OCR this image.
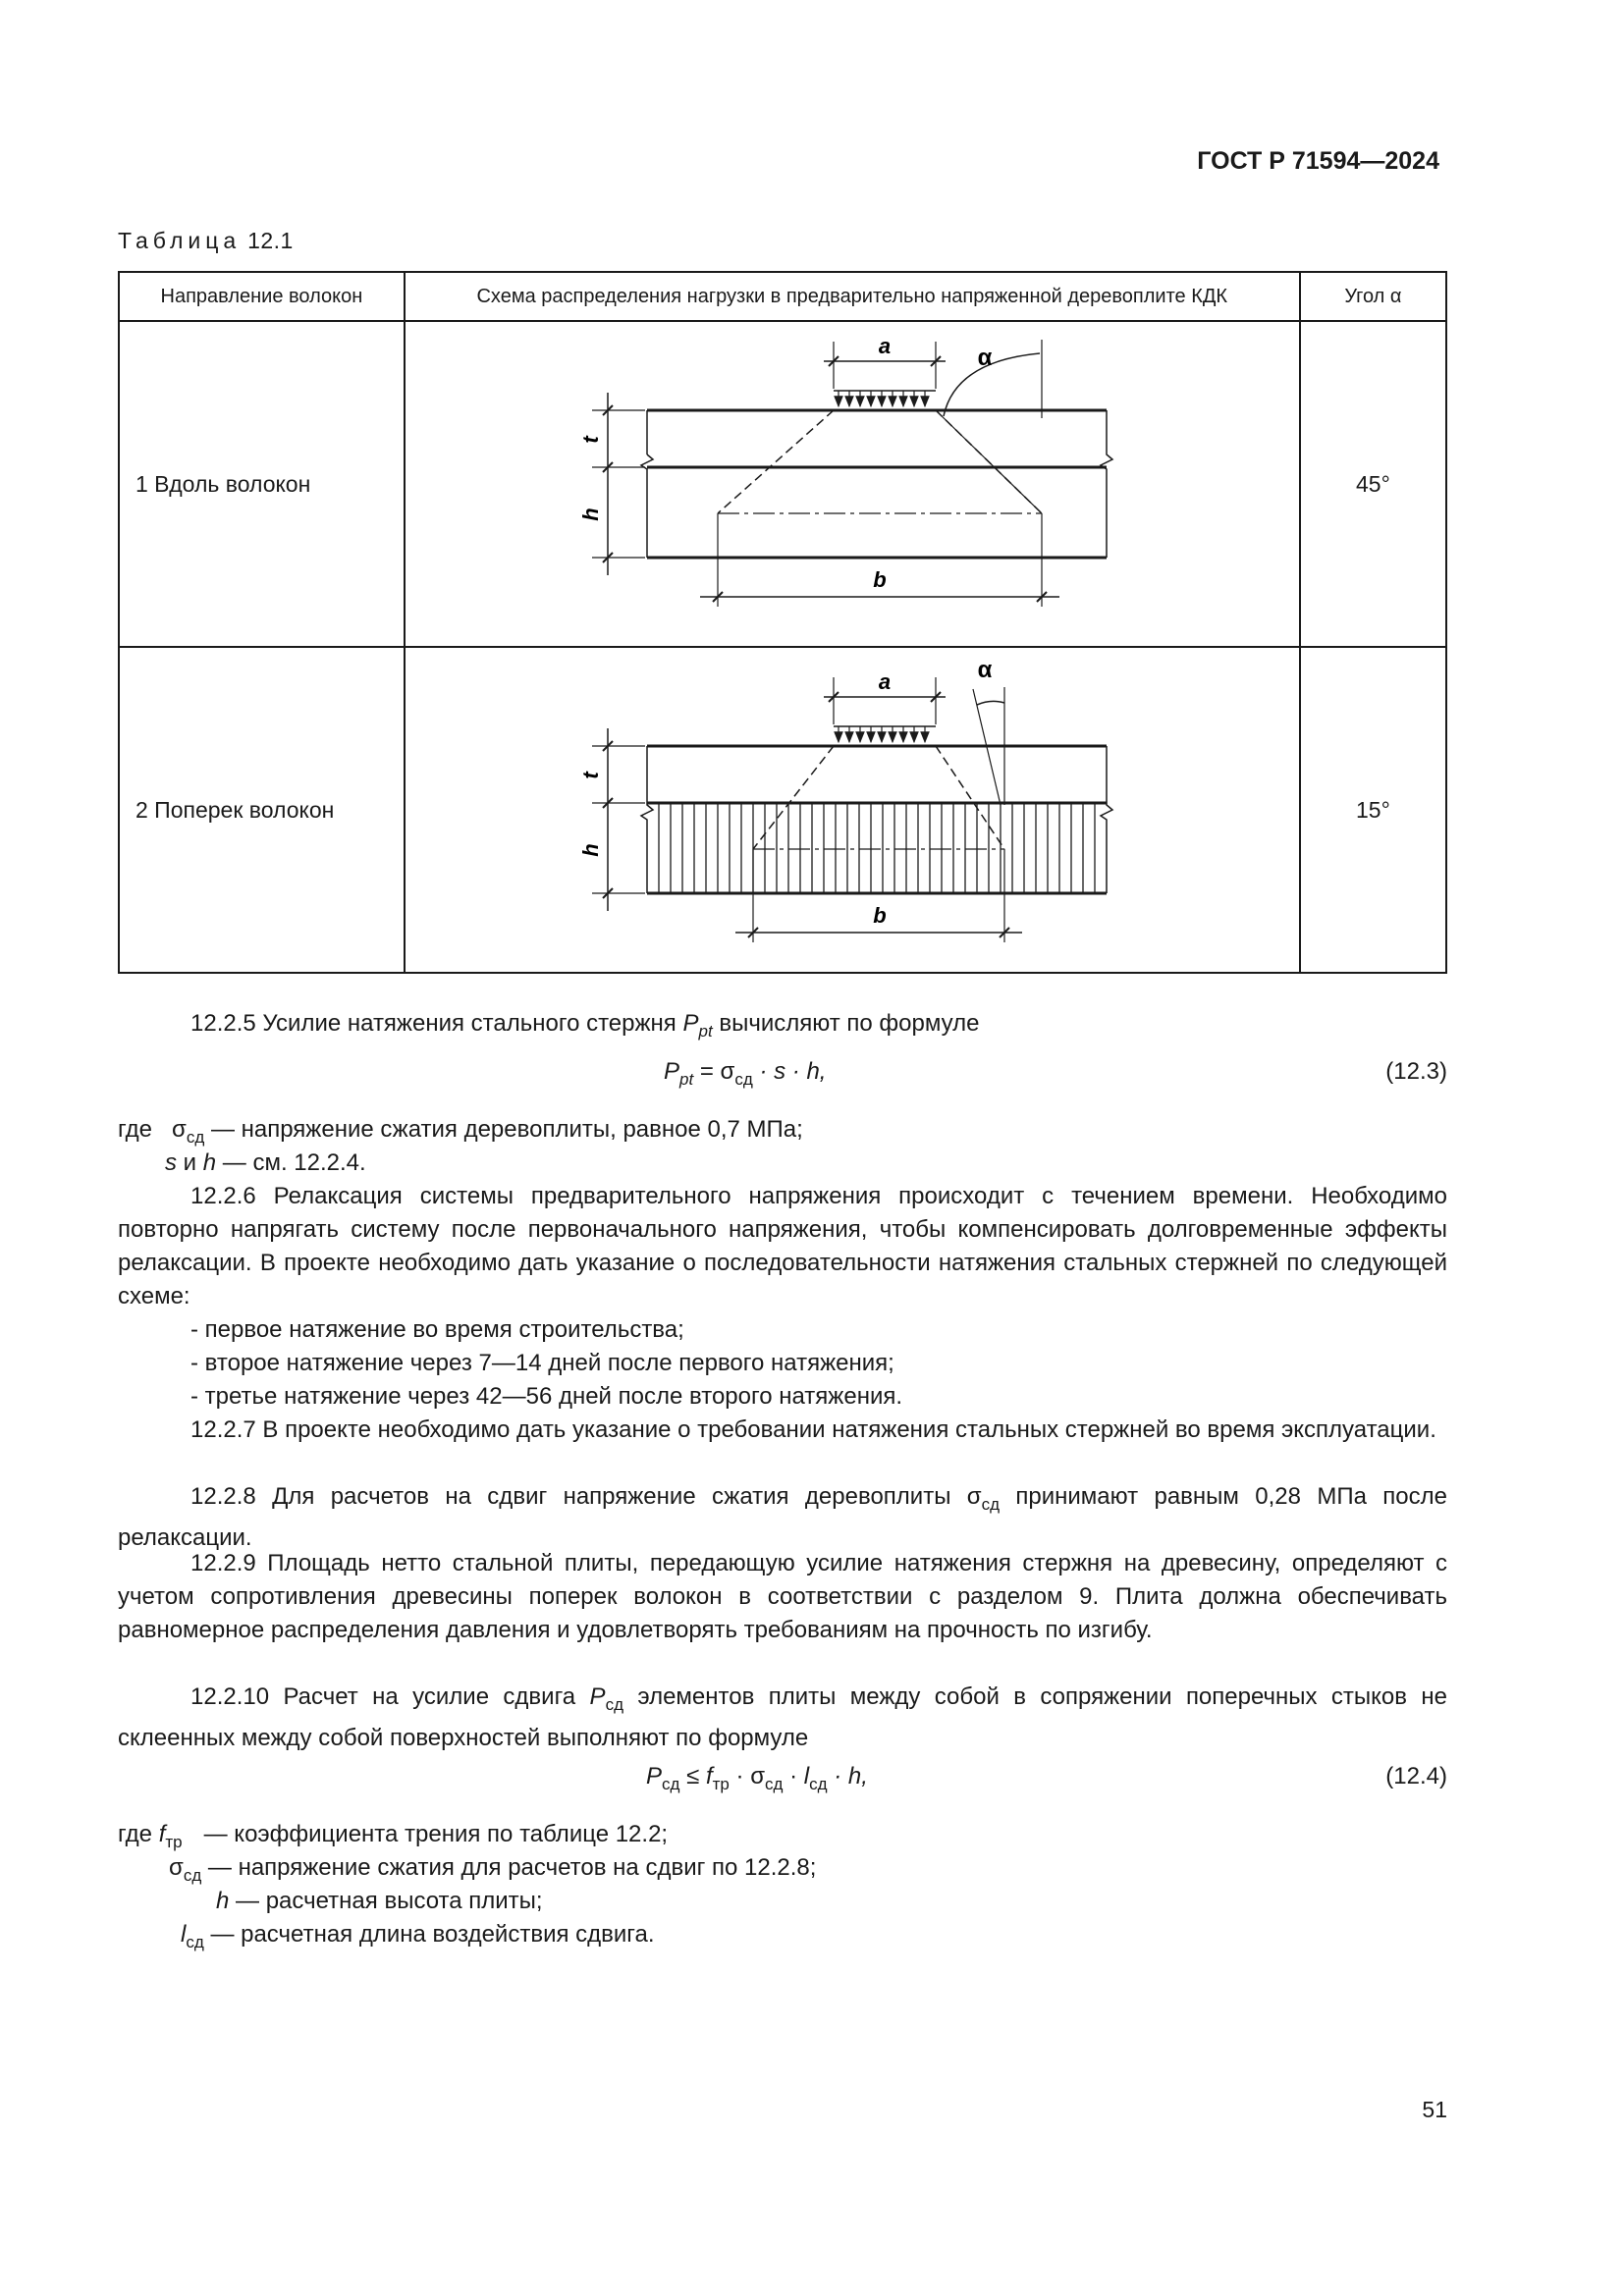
ГОСТ Р 71594—2024
Таблица 12.1
Направление волокон	Схема распределения нагрузки в предварительно напряженной деревоплите КДК	Угол α
1 Вдоль волокон	a α
b
t
h	45°
2 Поперек волокон	a α
b
t
h	15°
12.2.5 Усилие натяжения стального стержня $P_{pt}$ вычисляют по формуле
$P_{pt} = \sigma_{сд} \cdot s \cdot h$,	(12.3)
где $\sigma_{сд}$ — напряжение сжатия деревоплиты, равное 0,7 МПа;
s и h — см. 12.2.4.
12.2.6 Релаксация системы предварительного напряжения происходит с течением времени. Необходимо повторно напрягать систему после первоначального напряжения, чтобы компенсировать долговременные эффекты релаксации. В проекте необходимо дать указание о последовательности натяжения стальных стержней по следующей схеме:
- первое натяжение во время строительства;
- второе натяжение через 7—14 дней после первого натяжения;
- третье натяжение через 42—56 дней после второго натяжения.
12.2.7 В проекте необходимо дать указание о требовании натяжения стальных стержней во время эксплуатации.
12.2.8 Для расчетов на сдвиг напряжение сжатия деревоплиты $\sigma_{сд}$ принимают равным 0,28 МПа после релаксации.
12.2.9 Площадь нетто стальной плиты, передающую усилие натяжения стержня на древесину, определяют с учетом сопротивления древесины поперек волокон в соответствии с разделом 9. Плита должна обеспечивать равномерное распределения давления и удовлетворять требованиям на прочность по изгибу.
12.2.10 Расчет на усилие сдвига $P_{сд}$ элементов плиты между собой в сопряжении поперечных стыков не склеенных между собой поверхностей выполняют по формуле
$P_{сд} \le f_{тр} \cdot \sigma_{сд} \cdot l_{сд} \cdot h$,	(12.4)
где $f_{тр}$ — коэффициента трения по таблице 12.2;
$\sigma_{сд}$ — напряжение сжатия для расчетов на сдвиг по 12.2.8;
h — расчетная высота плиты;
$l_{сд}$ — расчетная длина воздействия сдвига.
51
